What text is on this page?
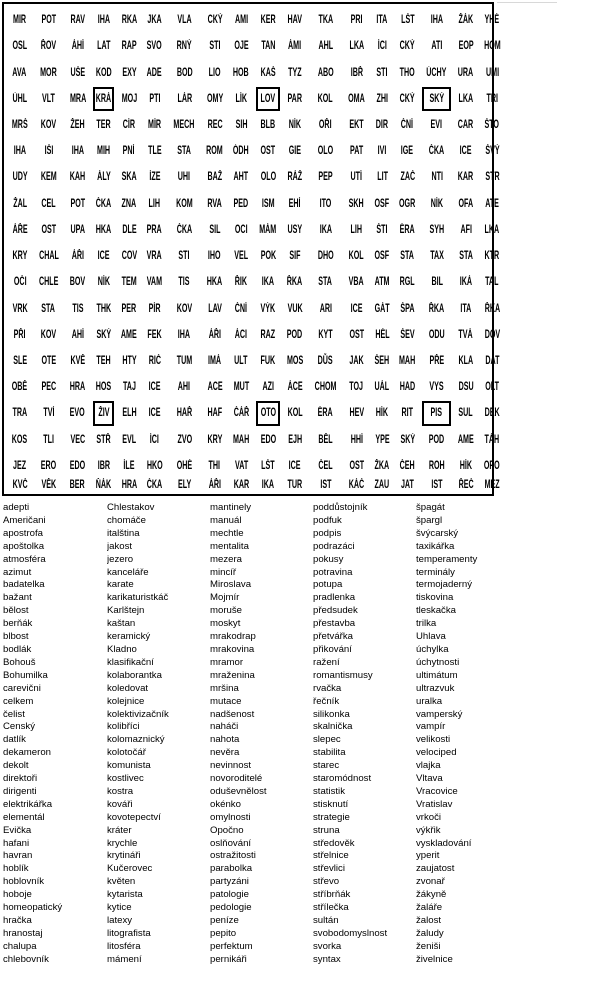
MIR POT RAV IHA RKA JKA VLA CKÝ AMI KER HAV TKA PRI ITA LŠT IHA ŽÁK YHÉ
OSL ŘOV ÁHÍ LAT RAP SVO RNÝ STI OJE TAN ÁMI AHL LKA ÍCI CKÝ ATI EOP HOM
AVA MOR UŠE KOD EXY ADE BOD LIO HOB KAŠ TYZ ABO IBŘ STI THO ÚCHY URA UMI
ÚHL VLT MRA KRÁ MOJ PTI LÁR OMY LÍK LOV PAR KOL OMA ZHI CKÝ SKÝ LKA TRI
MRŠ KOV ŽEH TER CÍR MÍR MECH REC SIH BLB NÍK OŘI EKT DIR ČNÍ EVI CAR ŠTO
IHA IŠI IHA MIH PNÍ TLE STA ROM ÓDH OST GIE OLO PAT IVI IGE ČKA ICE ŠVÝ
UDY KEM KAH ÁLY SKA ÍZE UHI BAŽ AHT OLO RÁŽ PEP UTÍ LIT ZAČ NTI KAR STR
ŽAL CEL POT ČKA ZNA LIH KOM RVA PED ISM EHÍ ITO SKH OSF OGR NÍK OFA ATE
ÁŘE OST UPA HKA DLE PRA ČKA SIL OCI MÁM USY IKA LIH ŠTI ÉRA SYH AFI LKA
KRY CHAL ÁŘI ICE COV VRA STI IHO VEL POK SIF DHO KOL OSF STA TAX STA KTR
OČI CHLE BOV NÍK TEM VAM TIS HKA ŘIK IKA ŘKA STA VBA ATM RGL BIL IKÁ TAL
VRK STA TIS THK PER PÍR KOV LAV ČNÍ VÝK VUK ARI ICE GÁT ŠPA ŘKA ITA ŘKA
PŘI KOV AHÍ SKÝ AME FEK IHA ÁŘI ÁCI RAZ POD KYT OST HÉL ŠEV ODU TVÁ DOV
SLE OTE KVĚ TEH HTY RIČ TUM IMÁ ULT FUK MOS DŮS JAK ŠEH MAH PŘE KLA DAT
OBĚ PEC HRA HOS TAJ ICE AHI ACE MUT AZI ÁCE CHOM TOJ UÁL HAD VYS DSU OLT
TRA TVÍ EVO ŽIV ELH ICE HAŘ HAF ČÁŘ OTO KOL ÉRA HEV HÍK RIT PIS SUL DEK
KOS TLI VEC STŘ EVL ÍCI ZVO KRY MAH EDO EJH BĚL HHÍ YPE SKÝ POD AME TÁH
JEZ ERO EDO IBR ÍLE HKO OHÉ THI VAT LŠT ICE ČEL OST ŽKA ČEH ROH HÍK OPO
KVČ VĚK BER ŇÁK HRA ČKA ELY ÁŘI KAR IKA TUR IST KÁČ ZAU JAT IST ŘEČ MEZ
adepti
Američani
apostrofa
apoštolka
atmosféra
azimut
badatelka
bažant
bělost
berňák
blbost
bodlák
Bohouš
Bohumilka
carevični
celkem
čelist
Censký
datlík
dekameron
dekolt
direktoři
dirigenti
elektrikářka
elementál
Evička
hafani
havran
hoblík
hoblovník
hoboje
homeopatický
hračka
hranostaj
chalupa
chlebovník
Chlestakov
chomáče
italština
jakost
jezero
kanceláře
karate
karikaturistkáč
Karlštejn
kaštan
keramický
Kladno
klasifikační
kolaborantka
koledovat
kolejnice
kolektivizačník
kolibříci
kolomaznický
kolotočář
komunista
kostlivec
kostra
kováři
kovotepectví
kráter
krychle
krytináři
Kučerovec
květen
kytarista
kytice
latexy
litografista
litosféra
mámení
mantinely
manuál
mechtle
mentalita
mezera
mincíř
Miroslava
Mojmír
moruše
moskyt
mrakodrap
mrakovina
mramor
mraženina
mršina
mutace
nadšenost
naháči
nahota
nevěra
nevinnost
novoroditelé
oduševnělost
okénko
omylnosti
Opočno
oslňování
ostražitosti
parabolka
partyzáni
patologie
pedologie
peníze
pepito
perfektum
pernikáři
poddůstojník
podfuk
podpis
podrazáci
pokusy
potravina
potupa
pradlenka
předsudek
přestavba
přetvářka
přikování
ražení
romantismusy
rvačka
řečník
silikonka
skalnička
slepec
stabilita
starec
staromódnost
statistik
stisknutí
strategie
struna
středověk
střelnice
střevlici
střevo
stříbrňák
střílečka
sultán
svobodomyslnost
svorka
syntax
špagát
špargl
švýcarský
taxikářka
temperamenty
terminály
termojaderný
tiskovina
tleskačka
trilka
Uhlava
úchylka
úchytnosti
ultimátum
ultrazvuk
uralka
vamperský
vampír
velikosti
velociped
vlajka
Vltava
Vracovice
Vratislav
vrkoči
výkřik
vyskladování
yperit
zaujatost
zvonař
žákyně
žaláře
žalost
žaludy
ženiši
živelnice
